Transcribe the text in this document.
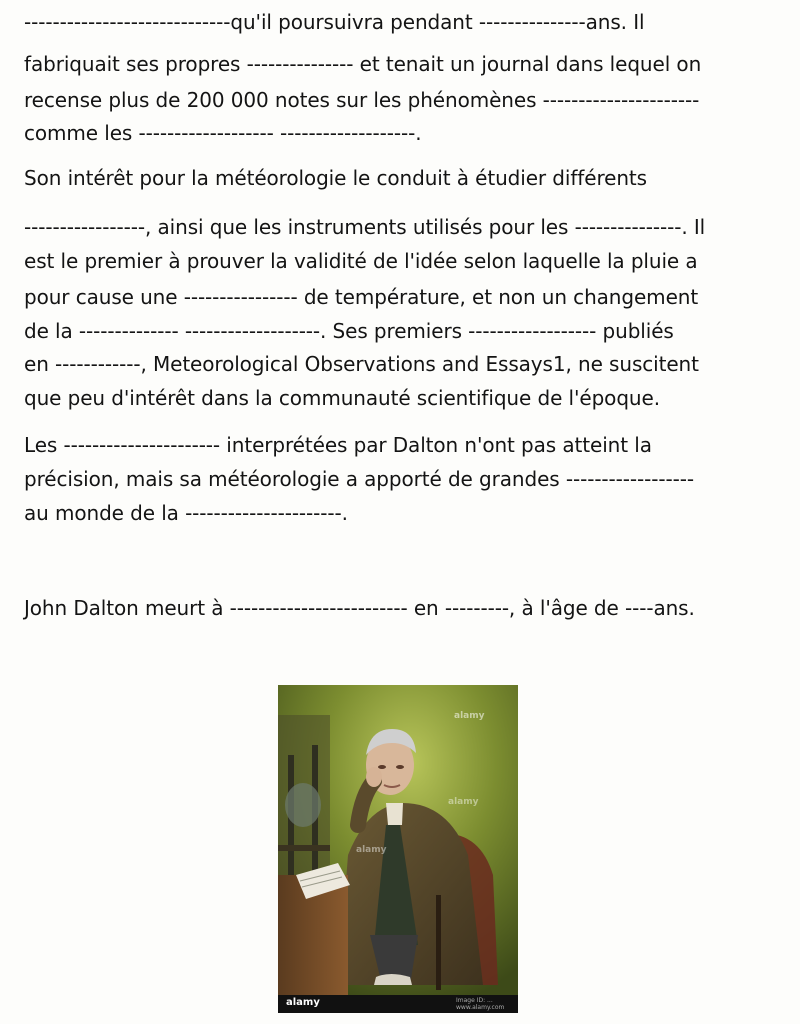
-----------------------------qu'il poursuivra pendant ---------------ans. Il

fabriquait ses propres --------------- et tenait un journal dans lequel on

recense plus de 200 000 notes sur les phénomènes ----------------------

comme les ------------------- -------------------.

Son intérêt pour la météorologie le conduit à étudier différents

-----------------, ainsi que les instruments utilisés pour les ---------------. Il

est le premier à prouver la validité de l'idée selon laquelle la pluie a

pour cause une ---------------- de température, et non un changement

de la -------------- -------------------. Ses premiers ------------------ publiés

en ------------, Meteorological Observations and Essays1, ne suscitent

que peu d'intérêt dans la communauté scientifique de l'époque.

Les ---------------------- interprétées par Dalton n'ont pas atteint la

précision, mais sa météorologie a apporté de grandes ------------------

au monde de la ----------------------.

John Dalton meurt à ------------------------- en ---------, à l'âge de ----ans.

alamy
alamy
alamy
alamy	Image ID: ...
www.alamy.com
